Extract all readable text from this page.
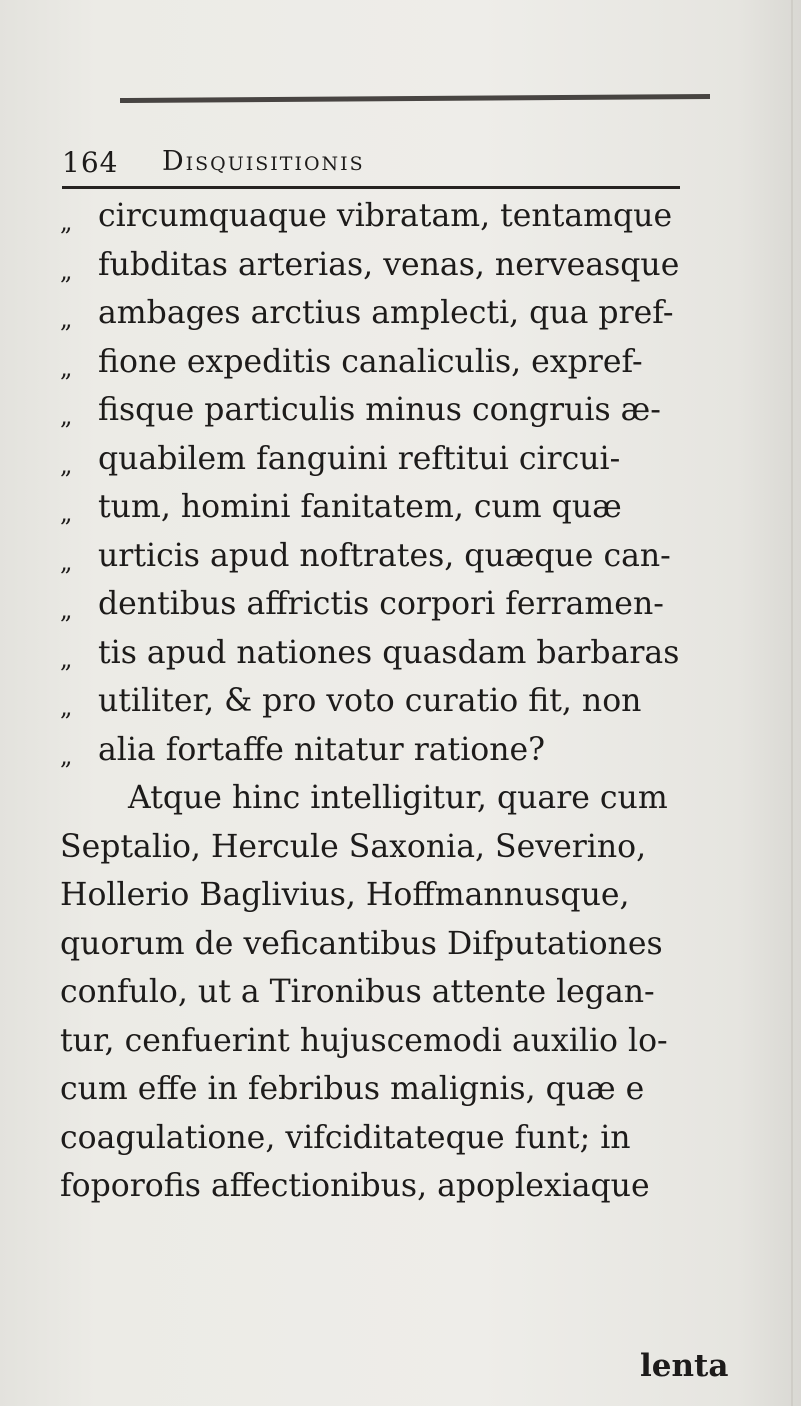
164 Disquisitionis
„ circumquaque vibratam, tentamque
„ fubditas arterias, venas, nerveasque
„ ambages arctius amplecti, qua pref-
„ fione expeditis canaliculis, expref-
„ fisque particulis minus congruis æ-
„ quabilem fanguini reftitui circui-
„ tum, homini fanitatem, cum quæ
„ urticis apud noftrates, quæque can-
„ dentibus affrictis corpori ferramen-
„ tis apud nationes quasdam barbaras
„ utiliter, & pro voto curatio fit, non
„ alia fortaffe nitatur ratione?
Atque hinc intelligitur, quare cum
Septalio, Hercule Saxonia, Severino,
Hollerio Baglivius, Hoffmannusque,
quorum de veficantibus Difputationes
confulo, ut a Tironibus attente legan-
tur, cenfuerint hujuscemodi auxilio lo-
cum effe in febribus malignis, quæ e
coagulatione, vifciditateque funt; in
foporofis affectionibus, apoplexiaque
lenta
